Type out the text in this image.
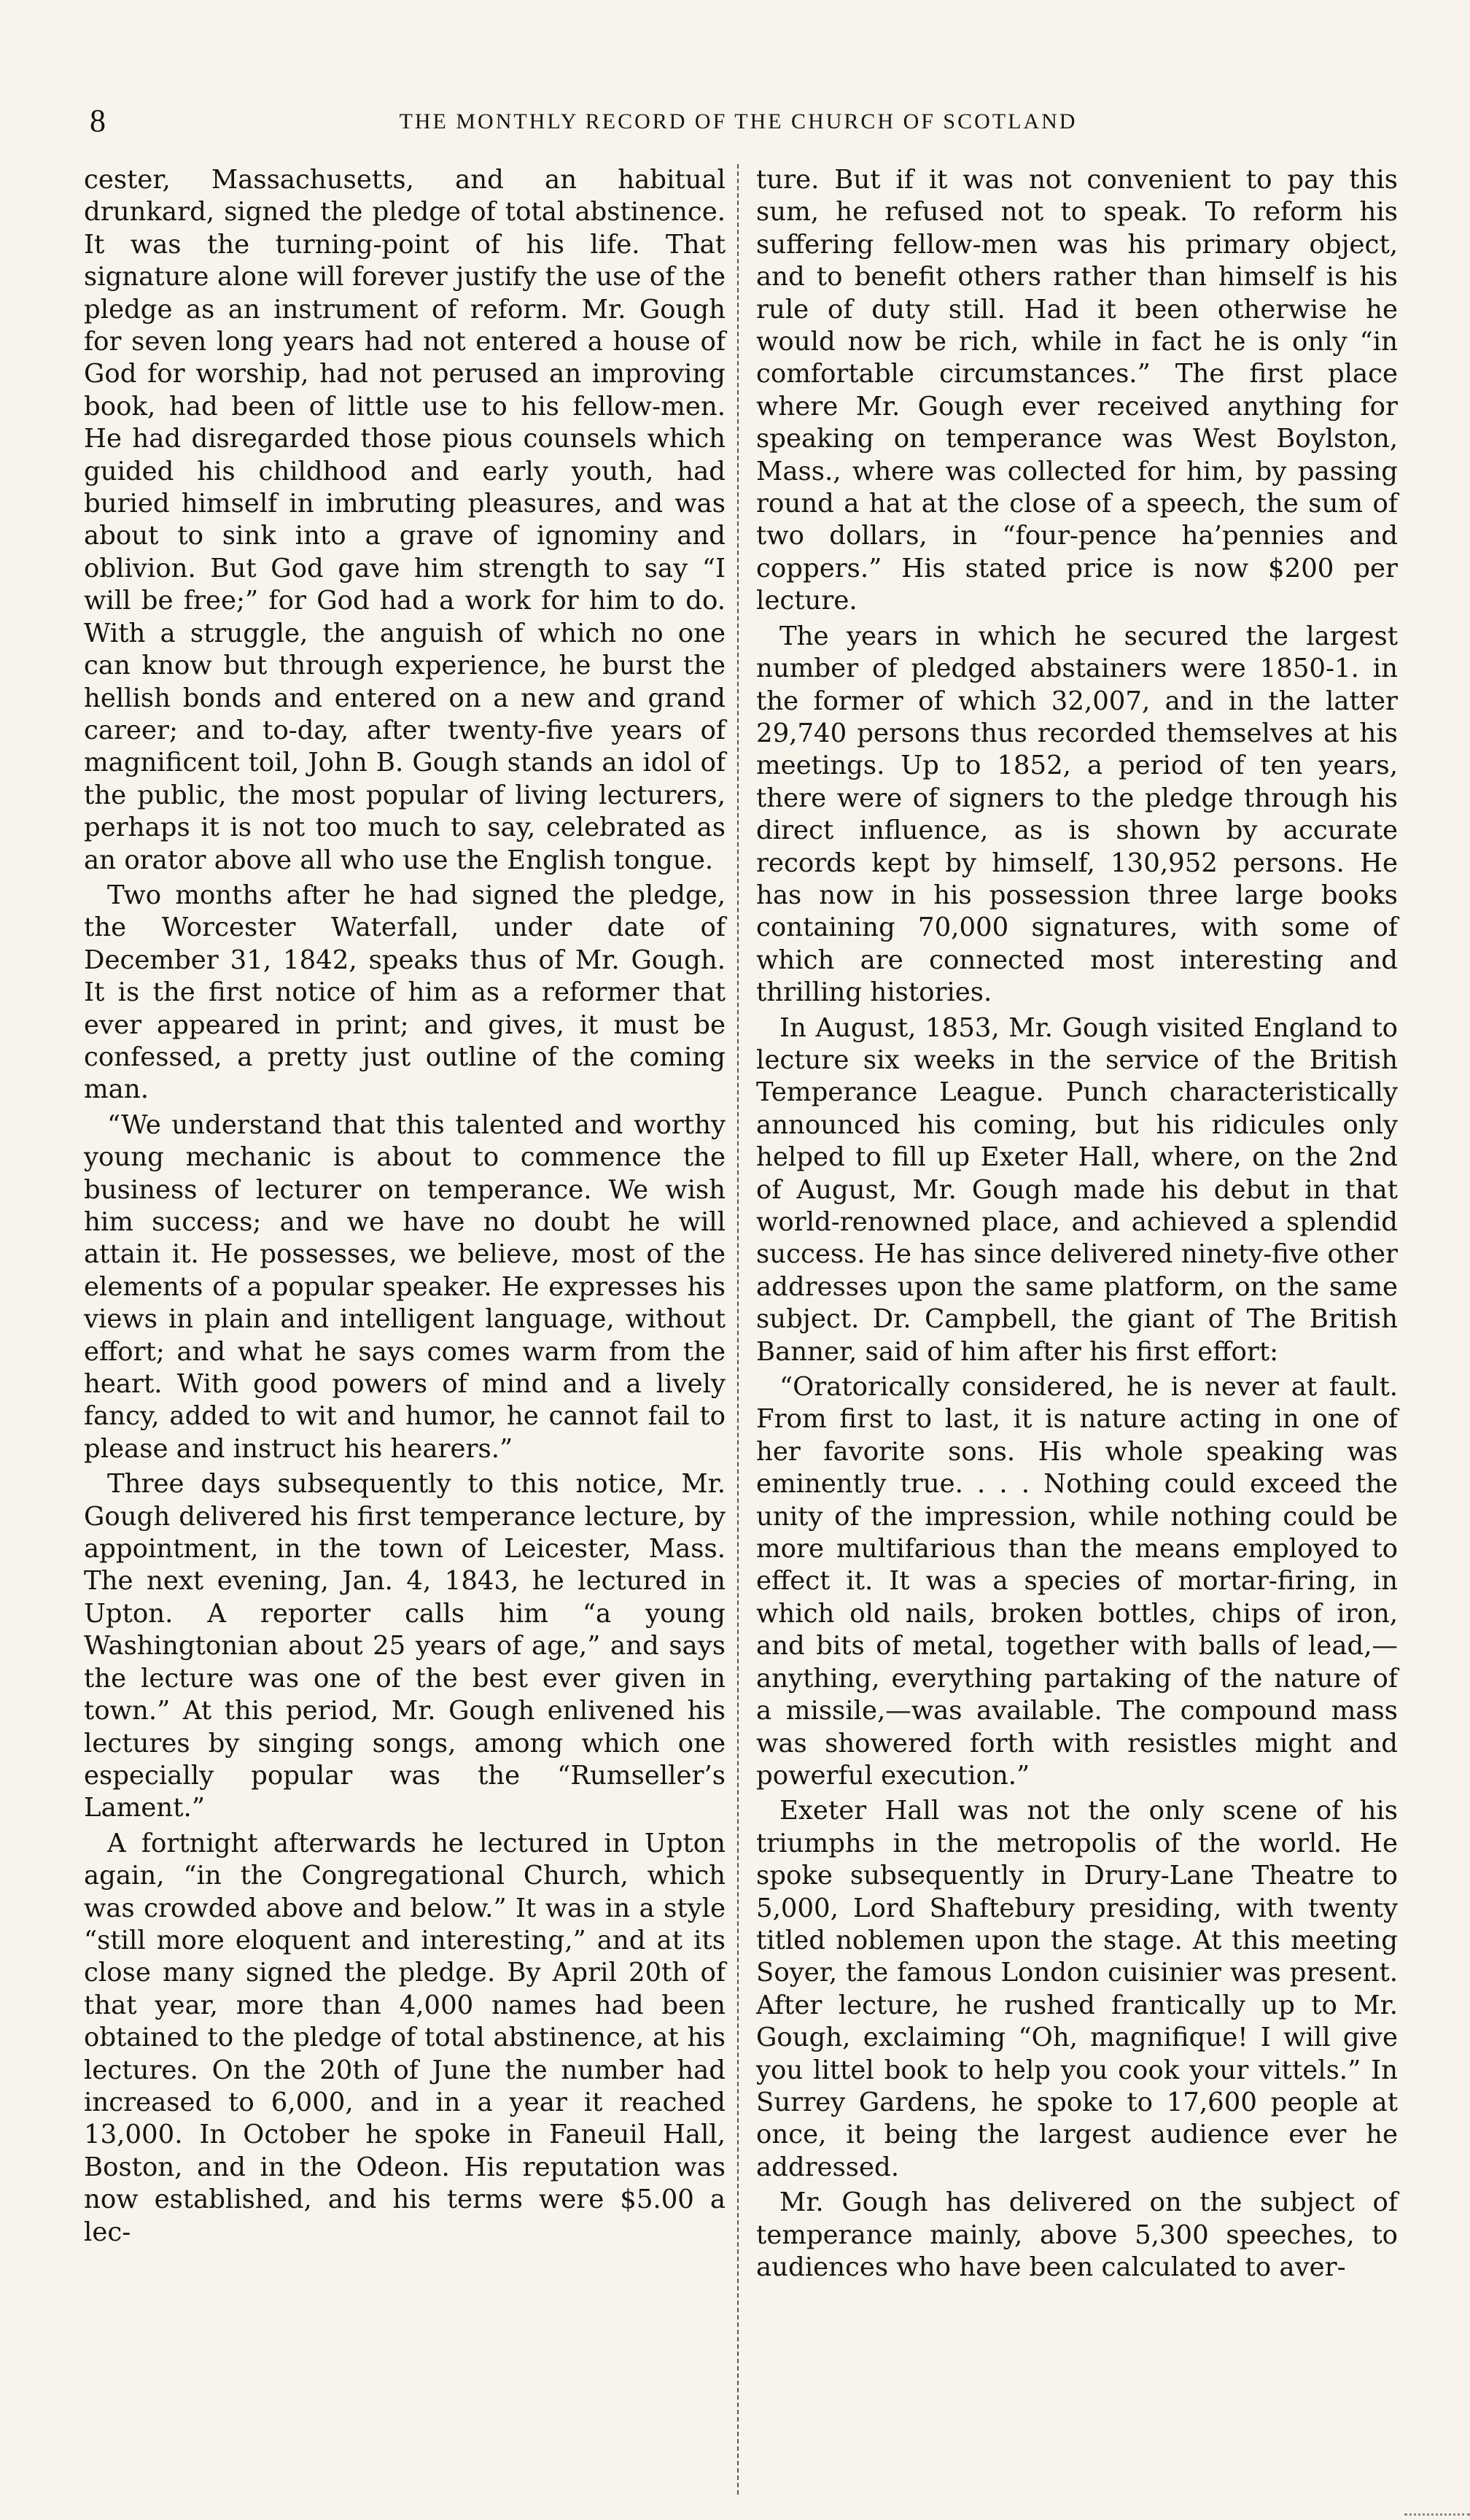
8	THE MONTHLY RECORD OF THE CHURCH OF SCOTLAND

cester, Massachusetts, and an habitual drunkard, signed the pledge of total abstinence. It was the turning-point of his life. That signature alone will forever justify the use of the pledge as an instrument of reform. Mr. Gough for seven long years had not entered a house of God for worship, had not perused an improving book, had been of little use to his fellow-men. He had disregarded those pious counsels which guided his childhood and early youth, had buried himself in imbruting pleasures, and was about to sink into a grave of ignominy and oblivion. But God gave him strength to say “I will be free;” for God had a work for him to do. With a struggle, the anguish of which no one can know but through experience, he burst the hellish bonds and entered on a new and grand career; and to-day, after twenty-five years of magnificent toil, John B. Gough stands an idol of the public, the most popular of living lecturers, perhaps it is not too much to say, celebrated as an orator above all who use the English tongue.

Two months after he had signed the pledge, the Worcester Waterfall, under date of December 31, 1842, speaks thus of Mr. Gough. It is the first notice of him as a reformer that ever appeared in print; and gives, it must be confessed, a pretty just outline of the coming man.

“We understand that this talented and worthy young mechanic is about to commence the business of lecturer on temperance. We wish him success; and we have no doubt he will attain it. He possesses, we believe, most of the elements of a popular speaker. He expresses his views in plain and intelligent language, without effort; and what he says comes warm from the heart. With good powers of mind and a lively fancy, added to wit and humor, he cannot fail to please and instruct his hearers.”

Three days subsequently to this notice, Mr. Gough delivered his first temperance lecture, by appointment, in the town of Leicester, Mass. The next evening, Jan. 4, 1843, he lectured in Upton. A reporter calls him “a young Washingtonian about 25 years of age,” and says the lecture was one of the best ever given in town.” At this period, Mr. Gough enlivened his lectures by singing songs, among which one especially popular was the “Rumseller’s Lament.”

A fortnight afterwards he lectured in Upton again, “in the Congregational Church, which was crowded above and below.” It was in a style “still more eloquent and interesting,” and at its close many signed the pledge. By April 20th of that year, more than 4,000 names had been obtained to the pledge of total abstinence, at his lectures. On the 20th of June the number had increased to 6,000, and in a year it reached 13,000. In October he spoke in Faneuil Hall, Boston, and in the Odeon. His reputation was now established, and his terms were $5.00 a lec-

ture. But if it was not convenient to pay this sum, he refused not to speak. To reform his suffering fellow-men was his primary object, and to benefit others rather than himself is his rule of duty still. Had it been otherwise he would now be rich, while in fact he is only “in comfortable circumstances.” The first place where Mr. Gough ever received anything for speaking on temperance was West Boylston, Mass., where was collected for him, by passing round a hat at the close of a speech, the sum of two dollars, in “four-pence ha’pennies and coppers.” His stated price is now $200 per lecture.

The years in which he secured the largest number of pledged abstainers were 1850-1. in the former of which 32,007, and in the latter 29,740 persons thus recorded themselves at his meetings. Up to 1852, a period of ten years, there were of signers to the pledge through his direct influence, as is shown by accurate records kept by himself, 130,952 persons. He has now in his possession three large books containing 70,000 signatures, with some of which are connected most interesting and thrilling histories.

In August, 1853, Mr. Gough visited England to lecture six weeks in the service of the British Temperance League. Punch characteristically announced his coming, but his ridicules only helped to fill up Exeter Hall, where, on the 2nd of August, Mr. Gough made his debut in that world-renowned place, and achieved a splendid success. He has since delivered ninety-five other addresses upon the same platform, on the same subject. Dr. Campbell, the giant of The British Banner, said of him after his first effort:

“Oratorically considered, he is never at fault. From first to last, it is nature acting in one of her favorite sons. His whole speaking was eminently true. . . . Nothing could exceed the unity of the impression, while nothing could be more multifarious than the means employed to effect it. It was a species of mortar-firing, in which old nails, broken bottles, chips of iron, and bits of metal, together with balls of lead,—anything, everything partaking of the nature of a missile,—was available. The compound mass was showered forth with resistles might and powerful execution.”

Exeter Hall was not the only scene of his triumphs in the metropolis of the world. He spoke subsequently in Drury-Lane Theatre to 5,000, Lord Shaftebury presiding, with twenty titled noblemen upon the stage. At this meeting Soyer, the famous London cuisinier was present. After lecture, he rushed frantically up to Mr. Gough, exclaiming “Oh, magnifique! I will give you littel book to help you cook your vittels.” In Surrey Gardens, he spoke to 17,600 people at once, it being the largest audience ever he addressed.

Mr. Gough has delivered on the subject of temperance mainly, above 5,300 speeches, to audiences who have been calculated to aver-
